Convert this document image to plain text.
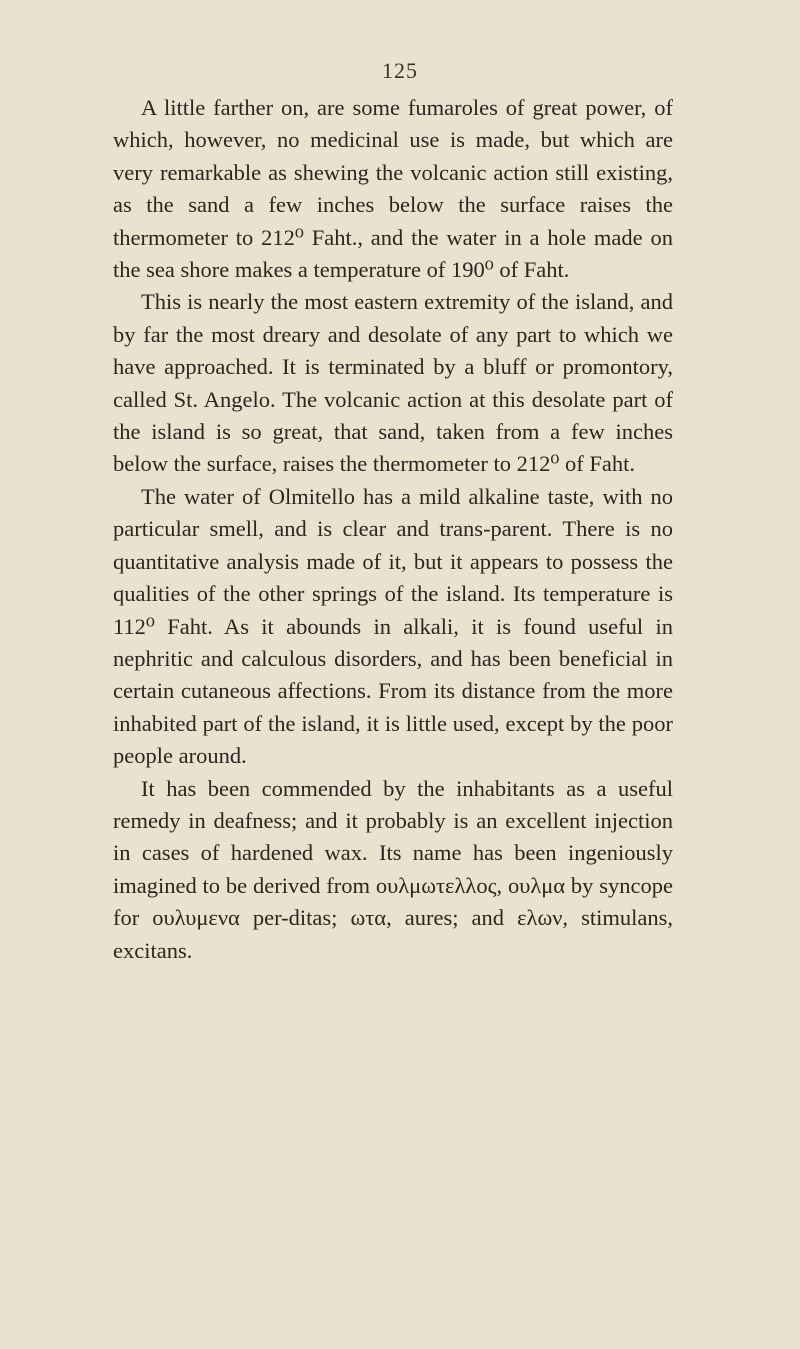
125

A little farther on, are some fumaroles of great power, of which, however, no medicinal use is made, but which are very remarkable as shewing the volcanic action still existing, as the sand a few inches below the surface raises the thermometer to 212⁰ Faht., and the water in a hole made on the sea shore makes a temperature of 190⁰ of Faht.

This is nearly the most eastern extremity of the island, and by far the most dreary and desolate of any part to which we have approached. It is terminated by a bluff or promontory, called St. Angelo. The volcanic action at this desolate part of the island is so great, that sand, taken from a few inches below the surface, raises the thermometer to 212⁰ of Faht.

The water of Olmitello has a mild alkaline taste, with no particular smell, and is clear and trans-parent. There is no quantitative analysis made of it, but it appears to possess the qualities of the other springs of the island. Its temperature is 112⁰ Faht. As it abounds in alkali, it is found useful in nephritic and calculous disorders, and has been beneficial in certain cutaneous affections. From its distance from the more inhabited part of the island, it is little used, except by the poor people around.

It has been commended by the inhabitants as a useful remedy in deafness; and it probably is an excellent injection in cases of hardened wax. Its name has been ingeniously imagined to be derived from ουλμωτελλος, ουλμα by syncope for ουλυμενα per-ditas; ωτα, aures; and ελων, stimulans, excitans.
